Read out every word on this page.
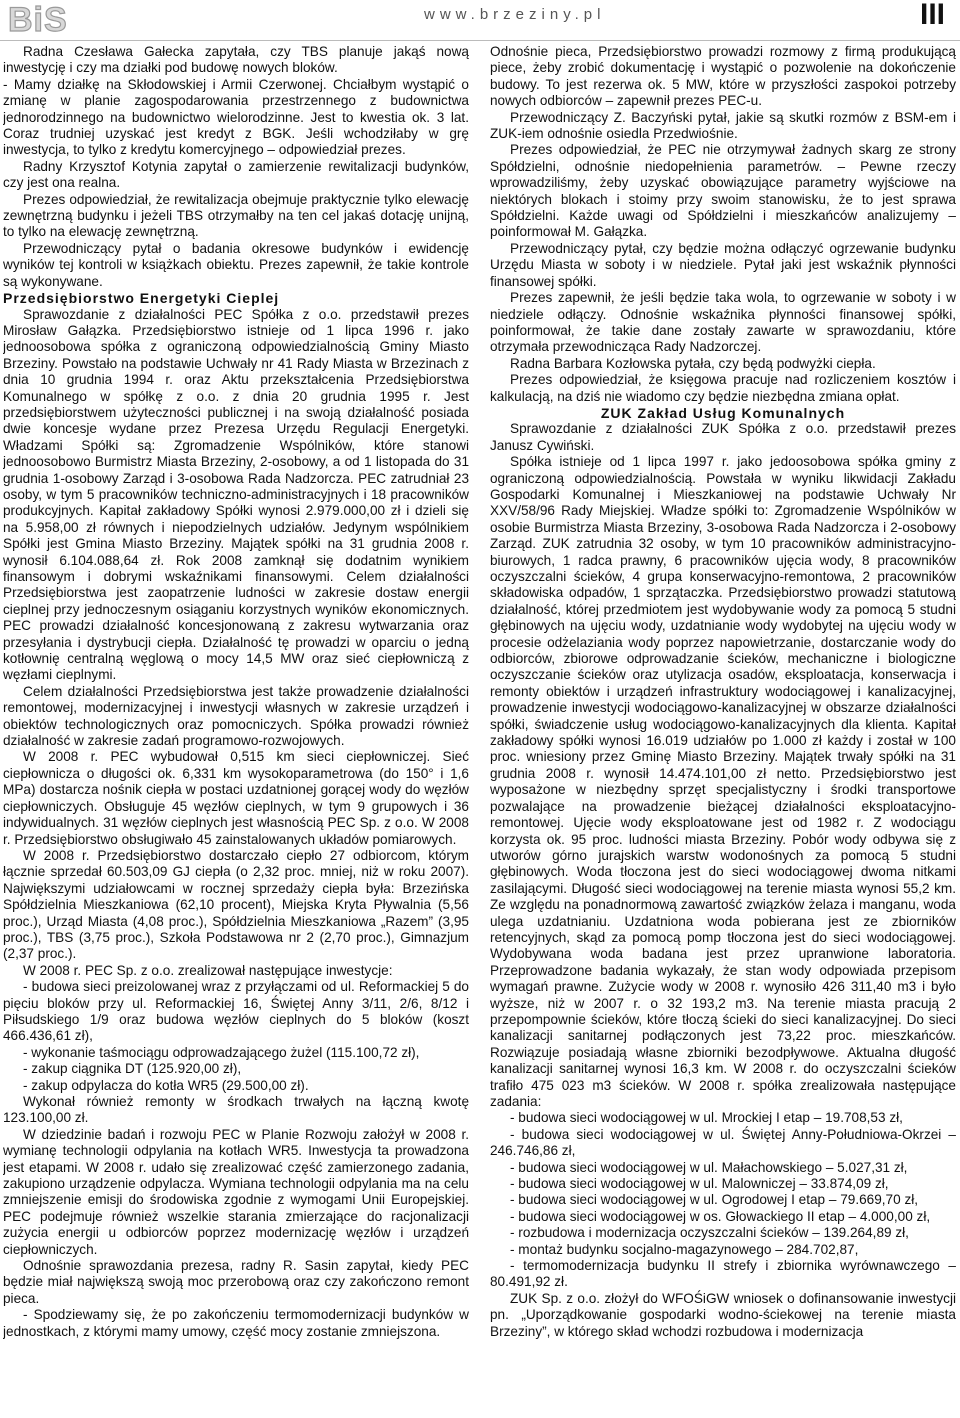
BiS	www.brzeziny.pl	III

Radna Czesława Gałecka zapytała, czy TBS planuje jakąś nową inwestycję i czy ma działki pod budowę nowych bloków.

- Mamy działkę na Skłodowskiej i Armii Czerwonej. Chciałbym wystąpić o zmianę w planie zagospodarowania przestrzennego z budownictwa jednorodzinnego na budownictwo wielorodzinne. Jest to kwestia ok. 3 lat. Coraz trudniej uzyskać jest kredyt z BGK. Jeśli wchodziłaby w grę inwestycja, to tylko z kredytu komercyjnego – odpowiedział prezes.

Radny Krzysztof Kotynia zapytał o zamierzenie rewitalizacji budynków, czy jest ona realna.

Prezes odpowiedział, że rewitalizacja obejmuje praktycznie tylko elewację zewnętrzną budynku i jeżeli TBS otrzymałby na ten cel jakaś dotację unijną, to tylko na elewację zewnętrzną.

Przewodniczący pytał o badania okresowe budynków i ewidencję wyników tej kontroli w książkach obiektu. Prezes zapewnił, że takie kontrole są wykonywane.

Przedsiębiorstwo Energetyki Cieplej

Sprawozdanie z działalności PEC Spółka z o.o. przedstawił prezes Mirosław Gałązka. Przedsiębiorstwo istnieje od 1 lipca 1996 r. jako jednoosobowa spółka z ograniczoną odpowiedzialnością Gminy Miasto Brzeziny. Powstało na podstawie Uchwały nr 41 Rady Miasta w Brzezinach z dnia 10 grudnia 1994 r. oraz Aktu przekształcenia Przedsiębiorstwa Komunalnego w spółkę z o.o. z dnia 20 grudnia 1995 r. Jest przedsiębiorstwem użyteczności publicznej i na swoją działalność posiada dwie koncesje wydane przez Prezesa Urzędu Regulacji Energetyki. Władzami Spółki są: Zgromadzenie Wspólników, które stanowi jednoosobowo Burmistrz Miasta Brzeziny, 2-osobowy, a od 1 listopada do 31 grudnia 1-osobowy Zarząd i 3-osobowa Rada Nadzorcza. PEC zatrudniał 23 osoby, w tym 5 pracowników techniczno-administracyjnych i 18 pracowników produkcyjnych. Kapitał zakładowy Spółki wynosi 2.979.000,00 zł i dzieli się na 5.958,00 zł równych i niepodzielnych udziałów. Jedynym wspólnikiem Spółki jest Gmina Miasto Brzeziny. Majątek spółki na 31 grudnia 2008 r. wynosił 6.104.088,64 zł. Rok 2008 zamknął się dodatnim wynikiem finansowym i dobrymi wskaźnikami finansowymi. Celem działalności Przedsiębiorstwa jest zaopatrzenie ludności w zakresie dostaw energii cieplnej przy jednoczesnym osiąganiu korzystnych wyników ekonomicznych. PEC prowadzi działalność koncesjonowaną z zakresu wytwarzania oraz przesyłania i dystrybucji ciepła. Działalność tę prowadzi w oparciu o jedną kotłownię centralną węglową o mocy 14,5 MW oraz sieć ciepłowniczą z węzłami cieplnymi.

Celem działalności Przedsiębiorstwa jest także prowadzenie działalności remontowej, modernizacyjnej i inwestycji własnych w zakresie urządzeń i obiektów technologicznych oraz pomocniczych. Spółka prowadzi również działalność w zakresie zadań programowo-rozwojowych.

W 2008 r. PEC wybudował 0,515 km sieci ciepłowniczej. Sieć ciepłownicza o długości ok. 6,331 km wysokoparametrowa (do 150° i 1,6 MPa) dostarcza nośnik ciepła w postaci uzdatnionej gorącej wody do węzłów ciepłowniczych. Obsługuje 45 węzłów cieplnych, w tym 9 grupowych i 36 indywidualnych. 31 węzłów cieplnych jest własnością PEC Sp. z o.o. W 2008 r. Przedsiębiorstwo obsługiwało 45 zainstalowanych układów pomiarowych.

W 2008 r. Przedsiębiorstwo dostarczało ciepło 27 odbiorcom, którym łącznie sprzedał 60.503,09 GJ ciepła (o 2,32 proc. mniej, niż w roku 2007). Największymi udziałowcami w rocznej sprzedaży ciepła była: Brzezińska Spółdzielnia Mieszkaniowa (62,10 procent), Miejska Kryta Pływalnia (5,56 proc.), Urząd Miasta (4,08 proc.), Spółdzielnia Mieszkaniowa „Razem” (3,95 proc.), TBS (3,75 proc.), Szkoła Podstawowa nr 2 (2,70 proc.), Gimnazjum (2,37 proc.).

W 2008 r. PEC Sp. z o.o. zrealizował następujące inwestycje:

- budowa sieci preizolowanej wraz z przyłączami od ul. Reformackiej 5 do pięciu bloków przy ul. Reformackiej 16, Świętej Anny 3/11, 2/6, 8/12 i Piłsudskiego 1/9 oraz budowa węzłów cieplnych do 5 bloków (koszt 466.436,61 zł),

- wykonanie taśmociągu odprowadzającego żużel (115.100,72 zł),

- zakup ciągnika DT (125.920,00 zł),

- zakup odpylacza do kotła WR5 (29.500,00 zł).

Wykonał również remonty w środkach trwałych na łączną kwotę 123.100,00 zł.

W dziedzinie badań i rozwoju PEC w Planie Rozwoju założył w 2008 r. wymianę technologii odpylania na kotłach WR5. Inwestycja ta prowadzona jest etapami. W 2008 r. udało się zrealizować część zamierzonego zadania, zakupiono urządzenie odpylacza. Wymiana technologii odpylania ma na celu zmniejszenie emisji do środowiska zgodnie z wymogami Unii Europejskiej. PEC podejmuje również wszelkie starania zmierzające do racjonalizacji zużycia energii u odbiorców poprzez modernizację węzłów i urządzeń ciepłowniczych.

Odnośnie sprawozdania prezesa, radny R. Sasin zapytał, kiedy PEC będzie miał największą swoją moc przerobową oraz czy zakończono remont pieca.

- Spodziewamy się, że po zakończeniu termomodernizacji budynków w jednostkach, z którymi mamy umowy, część mocy zostanie zmniejszona.

Odnośnie pieca, Przedsiębiorstwo prowadzi rozmowy z firmą produkującą piece, żeby zrobić dokumentację i wystąpić o pozwolenie na dokończenie budowy. To jest rezerwa ok. 5 MW, które w przyszłości zaspokoi potrzeby nowych odbiorców – zapewnił prezes PEC-u.

Przewodniczący Z. Baczyński pytał, jakie są skutki rozmów z BSM-em i ZUK-iem odnośnie osiedla Przedwiośnie.

Prezes odpowiedział, że PEC nie otrzymywał żadnych skarg ze strony Spółdzielni, odnośnie niedopełnienia parametrów. – Pewne rzeczy wprowadziliśmy, żeby uzyskać obowiązujące parametry wyjściowe na niektórych blokach i stoimy przy swoim stanowisku, że to jest sprawa Spółdzielni. Każde uwagi od Spółdzielni i mieszkańców analizujemy – poinformował M. Gałązka.

Przewodniczący pytał, czy będzie można odłączyć ogrzewanie budynku Urzędu Miasta w soboty i w niedziele. Pytał jaki jest wskaźnik płynności finansowej spółki.

Prezes zapewnił, że jeśli będzie taka wola, to ogrzewanie w soboty i w niedziele odłączy. Odnośnie wskaźnika płynności finansowej spółki, poinformował, że takie dane zostały zawarte w sprawozdaniu, które otrzymała przewodnicząca Rady Nadzorczej.

Radna Barbara Kozłowska pytała, czy będą podwyżki ciepła.

Prezes odpowiedział, że księgowa pracuje nad rozliczeniem kosztów i kalkulacją, na dziś nie wiadomo czy będzie niezbędna zmiana opłat.

ZUK Zakład Usług Komunalnych

Sprawozdanie z działalności ZUK Spółka z o.o. przedstawił prezes Janusz Cywiński.

Spółka istnieje od 1 lipca 1997 r. jako jedoosobowa spółka gminy z ograniczoną odpowiedzialnością. Powstała w wyniku likwidacji Zakładu Gospodarki Komunalnej i Mieszkaniowej na podstawie Uchwały Nr XXV/58/96 Rady Miejskiej. Władze spółki to: Zgromadzenie Wspólników w osobie Burmistrza Miasta Brzeziny, 3-osobowa Rada Nadzorcza i 2-osobowy Zarząd. ZUK zatrudnia 32 osoby, w tym 10 pracowników administracyjno-biurowych, 1 radca prawny, 6 pracowników ujęcia wody, 8 pracowników oczyszczalni ścieków, 4 grupa konserwacyjno-remontowa, 2 pracowników składowiska odpadów, 1 sprzątaczka. Przedsiębiorstwo prowadzi statutową działalność, której przedmiotem jest wydobywanie wody za pomocą 5 studni głębinowych na ujęciu wody, uzdatnianie wody wydobytej na ujęciu wody w procesie odżelaziania wody poprzez napowietrzanie, dostarczanie wody do odbiorców, zbiorowe odprowadzanie ścieków, mechaniczne i biologiczne oczyszczanie ścieków oraz utylizacja osadów, eksploatacja, konserwacja i remonty obiektów i urządzeń infrastruktury wodociągowej i kanalizacyjnej, prowadzenie inwestycji wodociągowo-kanalizacyjnej w obszarze działalności spółki, świadczenie usług wodociągowo-kanalizacyjnych dla klienta. Kapitał zakładowy spółki wynosi 16.019 udziałów po 1.000 zł każdy i został w 100 proc. wniesiony przez Gminę Miasto Brzeziny. Majątek trwały spółki na 31 grudnia 2008 r. wynosił 14.474.101,00 zł netto. Przedsiębiorstwo jest wyposażone w niezbędny sprzęt specjalistyczny i środki transportowe pozwalające na prowadzenie bieżącej działalności eksploatacyjno-remontowej. Ujęcie wody eksploatowane jest od 1982 r. Z wodociągu korzysta ok. 95 proc. ludności miasta Brzeziny. Pobór wody odbywa się z utworów górno jurajskich warstw wodonośnych za pomocą 5 studni głębinowych. Woda tłoczona jest do sieci wodociągowej dwoma nitkami zasilającymi. Długość sieci wodociągowej na terenie miasta wynosi 55,2 km. Ze względu na ponadnormową zawartość związków żelaza i manganu, woda ulega uzdatnianiu. Uzdatniona woda pobierana jest ze zbiorników retencyjnych, skąd za pomocą pomp tłoczona jest do sieci wodociągowej. Wydobywana woda badana jest przez upranwione laboratoria. Przeprowadzone badania wykazały, że stan wody odpowiada przepisom wymagań prawne. Zużycie wody w 2008 r. wynosiło 426 311,40 m3 i było wyższe, niż w 2007 r. o 32 193,2 m3. Na terenie miasta pracują 2 przepompownie ścieków, które tłoczą ścieki do sieci kanalizacyjnej. Do sieci kanalizacji sanitarnej podłączonych jest 73,22 proc. mieszkańców. Rozwiązuje posiadają własne zbiorniki bezodpływowe. Aktualna długość kanalizacji sanitarnej wynosi 16,3 km. W 2008 r. do oczyszczalni ścieków trafiło 475 023 m3 ścieków. W 2008 r. spółka zrealizowała następujące zadania:

- budowa sieci wodociągowej w ul. Mrockiej I etap – 19.708,53 zł,

- budowa sieci wodociągowej w ul. Świętej Anny-Południowa-Okrzei – 246.746,86 zł,

- budowa sieci wodociągowej w ul. Małachowskiego – 5.027,31 zł,

- budowa sieci wodociągowej w ul. Malowniczej – 33.874,09 zł,

- budowa sieci wodociągowej w ul. Ogrodowej I etap – 79.669,70 zł,

- budowa sieci wodociągowej w os. Głowackiego II etap – 4.000,00 zł,

- rozbudowa i modernizacja oczyszczalni ścieków – 139.264,89 zł,

- montaż budynku socjalno-magazynowego – 284.702,87,

- termomodernizacja budynku II strefy i zbiornika wyrównawczego – 80.491,92 zł.

ZUK Sp. z o.o. złożył do WFOŚiGW wniosek o dofinansowanie inwestycji pn. „Uporządkowanie gospodarki wodno-ściekowej na terenie miasta Brzeziny”, w którego skład wchodzi rozbudowa i modernizacja
